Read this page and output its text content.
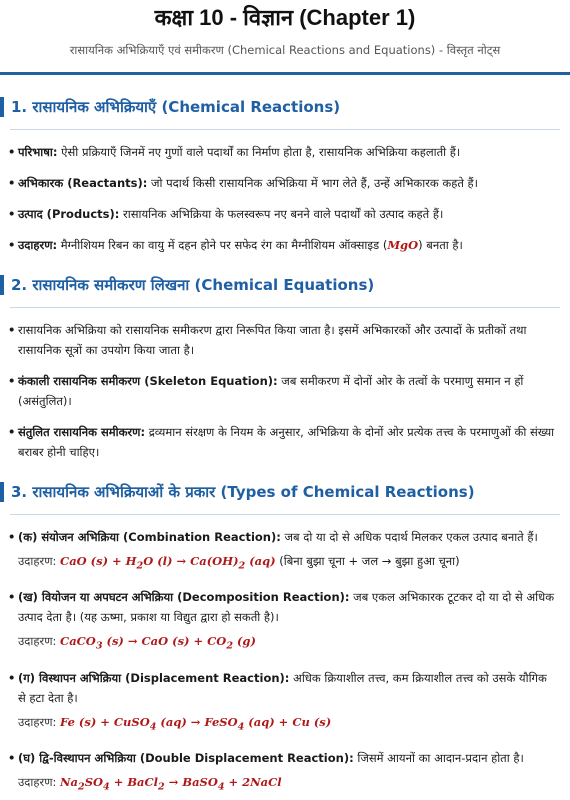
कक्षा 10 - विज्ञान (Chapter 1)
रासायनिक अभिक्रियाएँ एवं समीकरण (Chemical Reactions and Equations) - विस्तृत नोट्स
1. रासायनिक अभिक्रियाएँ (Chemical Reactions)
• परिभाषा: ऐसी प्रक्रियाएँ जिनमें नए गुणों वाले पदार्थों का निर्माण होता है, रासायनिक अभिक्रिया कहलाती हैं।
• अभिकारक (Reactants): जो पदार्थ किसी रासायनिक अभिक्रिया में भाग लेते हैं, उन्हें अभिकारक कहते हैं।
• उत्पाद (Products): रासायनिक अभिक्रिया के फलस्वरूप नए बनने वाले पदार्थों को उत्पाद कहते हैं।
• उदाहरण: मैग्नीशियम रिबन का वायु में दहन होने पर सफेद रंग का मैग्नीशियम ऑक्साइड (MgO) बनता है।
2. रासायनिक समीकरण लिखना (Chemical Equations)
• रासायनिक अभिक्रिया को रासायनिक समीकरण द्वारा निरूपित किया जाता है। इसमें अभिकारकों और उत्पादों के प्रतीकों तथा रासायनिक सूत्रों का उपयोग किया जाता है।
• कंकाली रासायनिक समीकरण (Skeleton Equation): जब समीकरण में दोनों ओर के तत्वों के परमाणु समान न हों (असंतुलित)।
• संतुलित रासायनिक समीकरण: द्रव्यमान संरक्षण के नियम के अनुसार, अभिक्रिया के दोनों ओर प्रत्येक तत्त्व के परमाणुओं की संख्या बराबर होनी चाहिए।
3. रासायनिक अभिक्रियाओं के प्रकार (Types of Chemical Reactions)
• (क) संयोजन अभिक्रिया (Combination Reaction): जब दो या दो से अधिक पदार्थ मिलकर एकल उत्पाद बनाते हैं।
उदाहरण: CaO $(s) + H_2O$ $(l) \to Ca(OH)_2$ (aq) (बिना बुझा चूना + जल → बुझा हुआ चूना)
• (ख) वियोजन या अपघटन अभिक्रिया (Decomposition Reaction): जब एकल अभिकारक टूटकर दो या दो से अधिक उत्पाद देता है। (यह ऊष्मा, प्रकाश या विद्युत द्वारा हो सकती है)।
उदाहरण: CaCO$_3$ (s) → CaO $(s) + CO_2$ (g)
• (ग) विस्थापन अभिक्रिया (Displacement Reaction): अधिक क्रियाशील तत्त्व, कम क्रियाशील तत्त्व को उसके यौगिक से हटा देता है।
उदाहरण: Fe (s) + CuSO$_4$ (aq) → FeSO$_4$ (aq) + Cu (s)
• (घ) द्वि-विस्थापन अभिक्रिया (Double Displacement Reaction): जिसमें आयनों का आदान-प्रदान होता है।
उदाहरण: $Na_2SO_4$ + BaCl$_2$ → BaSO$_4$ + 2NaCl
